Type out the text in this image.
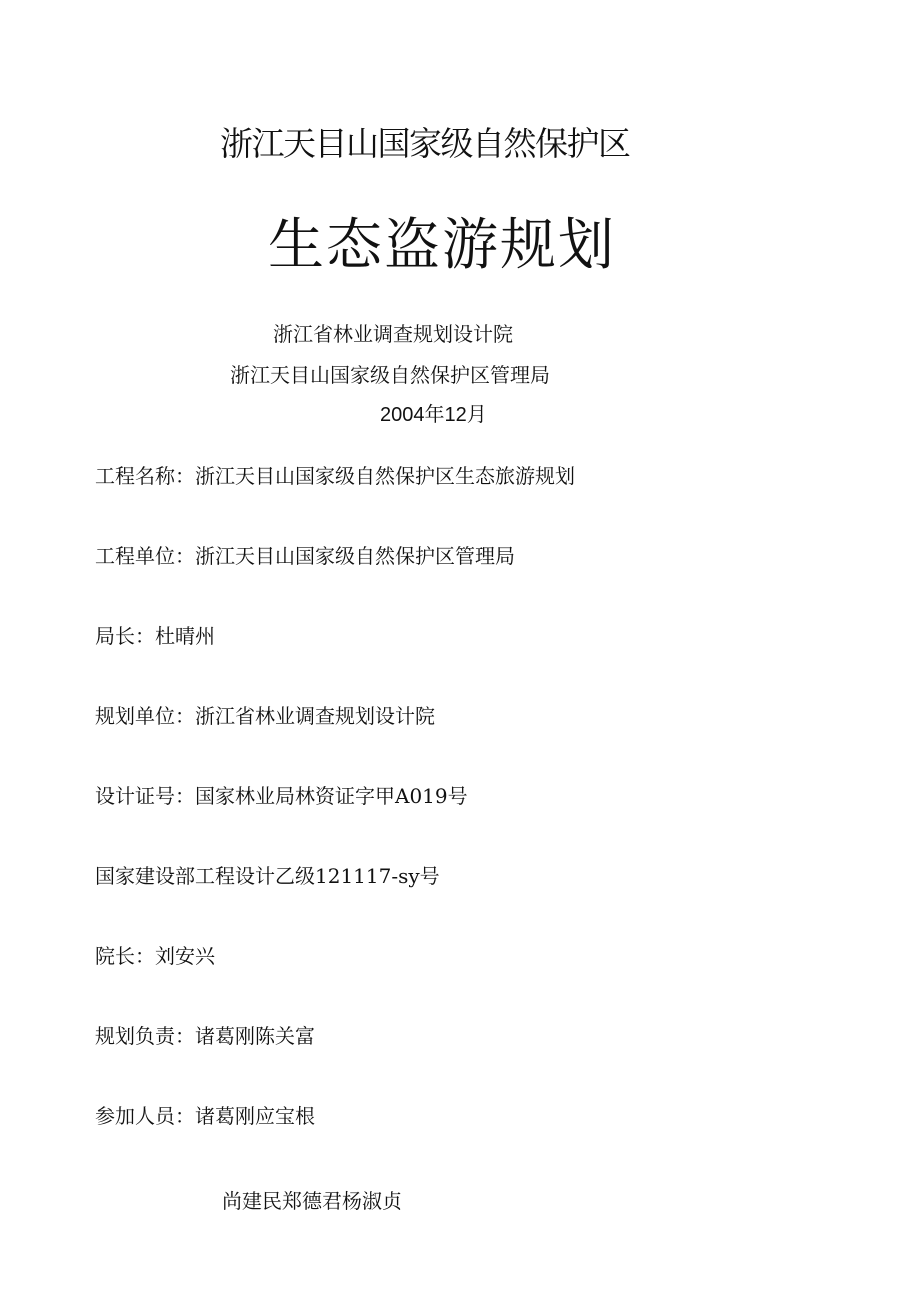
浙江天目山国家级自然保护区
生态盗游规划
浙江省林业调查规划设计院
浙江天目山国家级自然保护区管理局
2004年12月
工程名称：浙江天目山国家级自然保护区生态旅游规划
工程单位：浙江天目山国家级自然保护区管理局
局长：杜晴州
规划单位：浙江省林业调查规划设计院
设计证号：国家林业局林资证字甲A019号
国家建设部工程设计乙级121117-sy号
院长：刘安兴
规划负责：诸葛刚陈关富
参加人员：诸葛刚应宝根
尚建民郑德君杨淑贞
